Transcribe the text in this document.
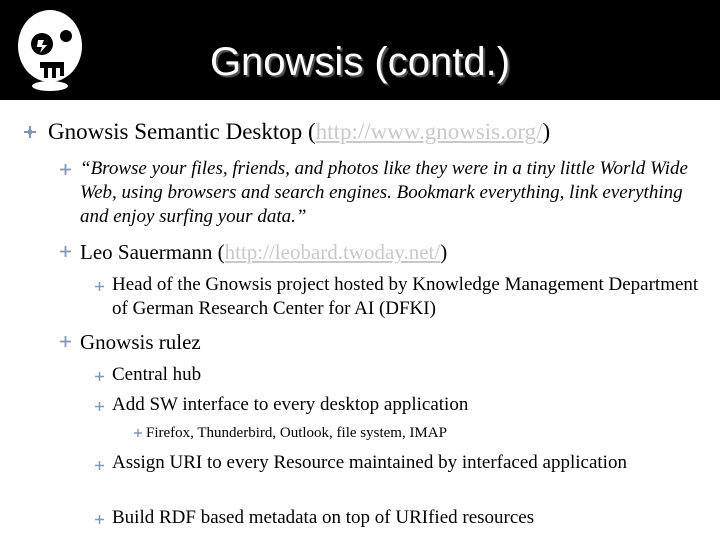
Gnowsis (contd.)
Gnowsis Semantic Desktop (http://www.gnowsis.org/)
“Browse your files, friends, and photos like they were in a tiny little World Wide Web, using browsers and search engines. Bookmark everything, link everything and enjoy surfing your data.”
Leo Sauermann (http://leobard.twoday.net/)
Head of the Gnowsis project hosted by Knowledge Management Department of German Research Center for AI (DFKI)
Gnowsis rulez
Central hub
Add SW interface to every desktop application
Firefox, Thunderbird, Outlook, file system, IMAP
Assign URI to every Resource maintained by interfaced application
Build RDF based metadata on top of URIfied resources
